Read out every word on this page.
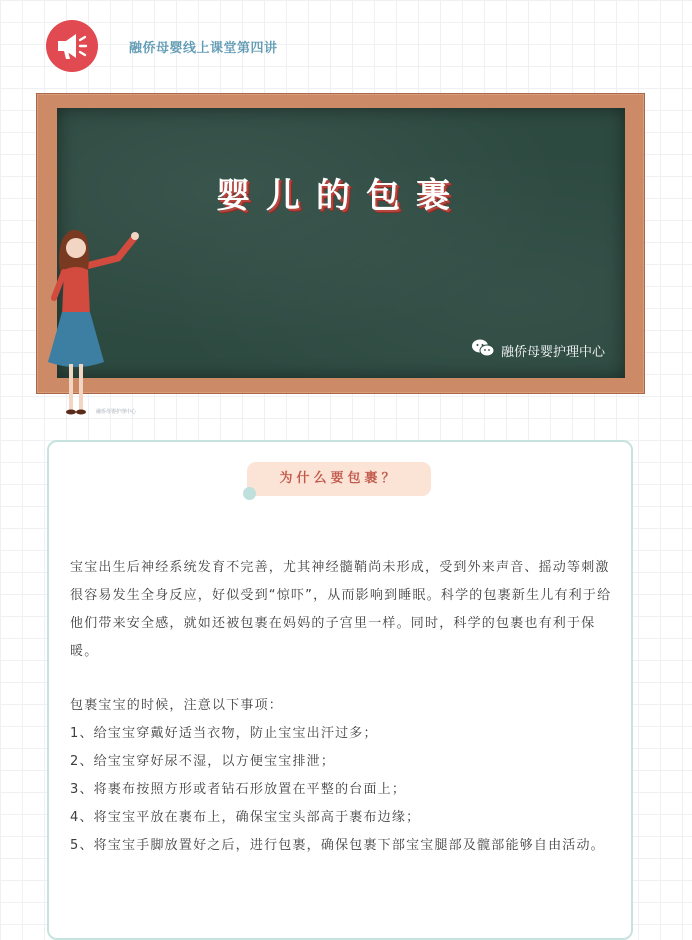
融侨母婴线上课堂第四讲
婴儿的包裹
融侨母婴护理中心
融侨母婴护理中心
为什么要包裹？

宝宝出生后神经系统发育不完善，尤其神经髓鞘尚未形成，受到外来声音、摇动等刺激很容易发生全身反应，好似受到“惊吓”，从而影响到睡眠。科学的包裹新生儿有利于给他们带来安全感，就如还被包裹在妈妈的子宫里一样。同时，科学的包裹也有利于保暖。

包裹宝宝的时候，注意以下事项：
1、给宝宝穿戴好适当衣物，防止宝宝出汗过多；
2、给宝宝穿好尿不湿，以方便宝宝排泄；
3、将裹布按照方形或者钻石形放置在平整的台面上；
4、将宝宝平放在裹布上，确保宝宝头部高于裹布边缘；
5、将宝宝手脚放置好之后，进行包裹，确保包裹下部宝宝腿部及髋部能够自由活动。
